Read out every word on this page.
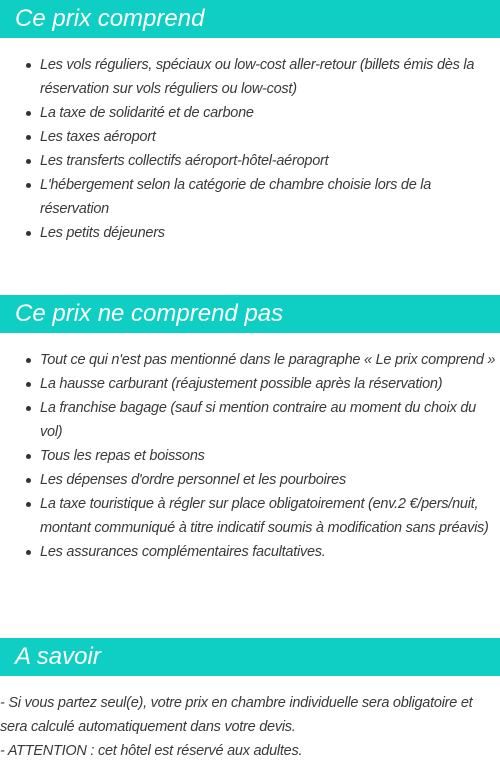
Ce prix comprend
Les vols réguliers, spéciaux ou low-cost aller-retour (billets émis dès la réservation sur vols réguliers ou low-cost)
La taxe de solidarité et de carbone
Les taxes aéroport
Les transferts collectifs aéroport-hôtel-aéroport
L'hébergement selon la catégorie de chambre choisie lors de la réservation
Les petits déjeuners
Ce prix ne comprend pas
Tout ce qui n'est pas mentionné dans le paragraphe « Le prix comprend »
La hausse carburant (réajustement possible après la réservation)
La franchise bagage (sauf si mention contraire au moment du choix du vol)
Tous les repas et boissons
Les dépenses d'ordre personnel et les pourboires
La taxe touristique à régler sur place obligatoirement (env.2 €/pers/nuit, montant communiqué à titre indicatif soumis à modification sans préavis)
Les assurances complémentaires facultatives.
A savoir

- Si vous partez seul(e), votre prix en chambre individuelle sera obligatoire et sera calculé automatiquement dans votre devis.

- ATTENTION : cet hôtel est réservé aux adultes.
